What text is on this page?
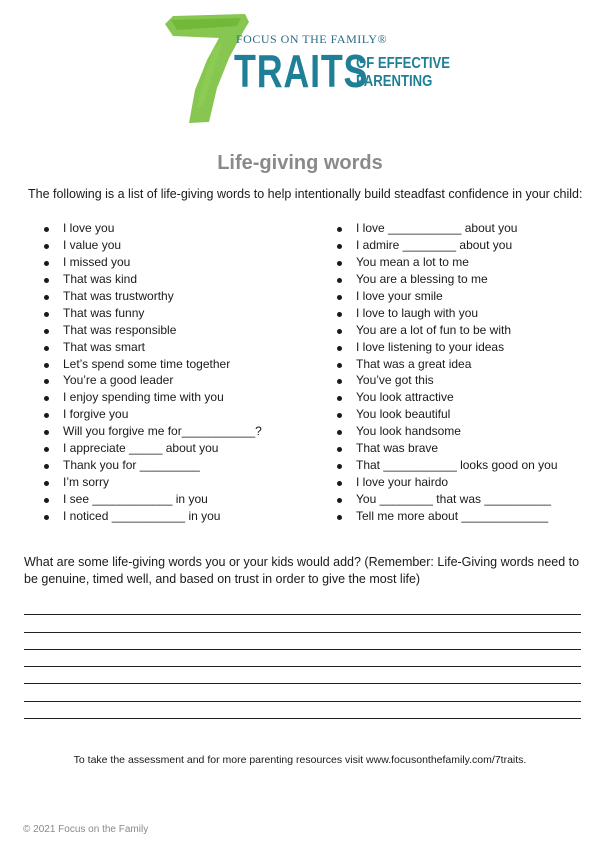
FOCUS ON THE FAMILY®
TRAITS
OF EFFECTIVE
PARENTING
Life-giving words
The following is a list of life-giving words to help intentionally build steadfast confidence in your child:
I love you
I value you
I missed you
That was kind
That was trustworthy
That was funny
That was responsible
That was smart
Let’s spend some time together
You’re a good leader
I enjoy spending time with you
I forgive you
Will you forgive me for___________?
I appreciate _____ about you
Thank you for _________
I’m sorry
I see ____________ in you
I noticed ___________ in you
I love ___________ about you
I admire ________ about you
You mean a lot to me
You are a blessing to me
I love your smile
I love to laugh with you
You are a lot of fun to be with
I love listening to your ideas
That was a great idea
You’ve got this
You look attractive
You look beautiful
You look handsome
That was brave
That ___________ looks good on you
I love your hairdo
You ________ that was __________
Tell me more about _____________
What are some life-giving words you or your kids would add? (Remember: Life-Giving words need to be genuine, timed well, and based on trust in order to give the most life)
To take the assessment and for more parenting resources visit www.focusonthefamily.com/7traits.
© 2021 Focus on the Family
